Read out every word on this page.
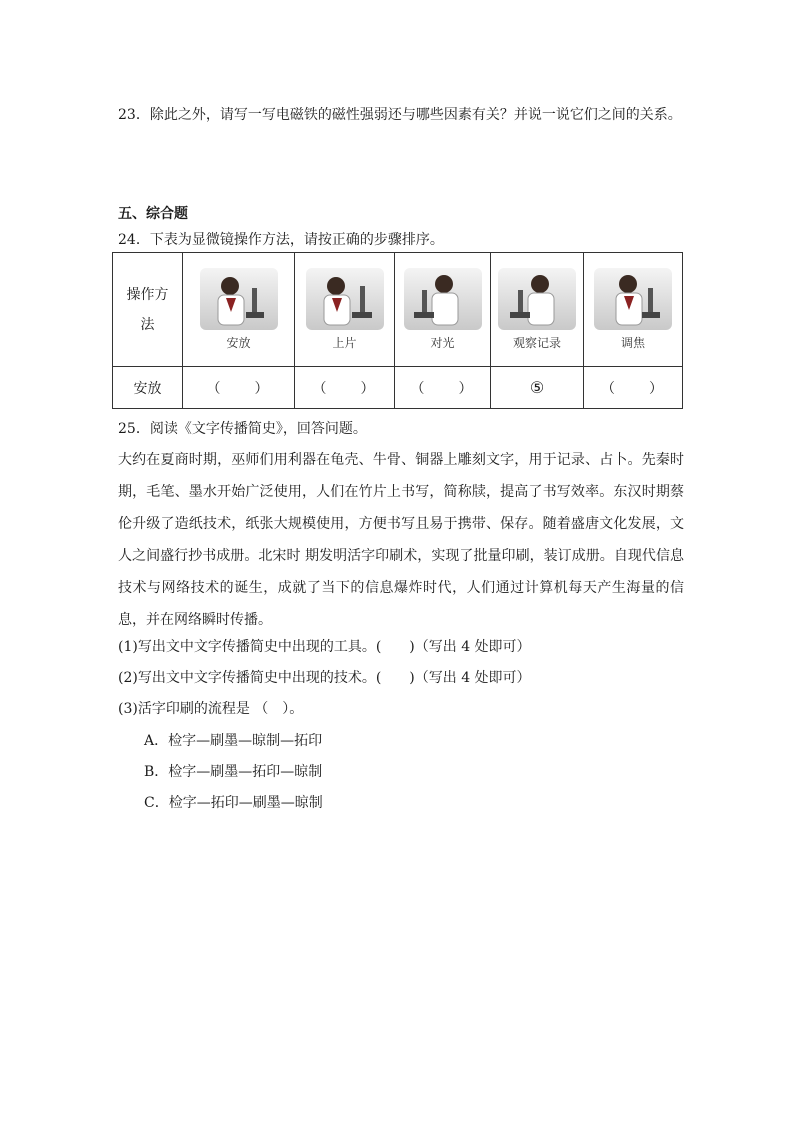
23．除此之外，请写一写电磁铁的磁性强弱还与哪些因素有关？并说一说它们之间的关系。
五、综合题
24．下表为显微镜操作方法，请按正确的步骤排序。
操作方
法	安放	上片	对光	观察记录	调焦

安放	（　　）	（　　）	（　　）	⑤	（　　）
25．阅读《文字传播简史》，回答问题。

大约在夏商时期，巫师们用利器在龟壳、牛骨、铜器上雕刻文字，用于记录、占卜。先秦时期，毛笔、墨水开始广泛使用，人们在竹片上书写，简称牍，提高了书写效率。东汉时期蔡伦升级了造纸技术，纸张大规模使用，方便书写且易于携带、保存。随着盛唐文化发展，文人之间盛行抄书成册。北宋时 期发明活字印刷术，实现了批量印刷，装订成册。自现代信息技术与网络技术的诞生，成就了当下的信息爆炸时代，人们通过计算机每天产生海量的信息，并在网络瞬时传播。

(1)写出文中文字传播简史中出现的工具。(　　)（写出 4 处即可）
(2)写出文中文字传播简史中出现的技术。(　　)（写出 4 处即可）
(3)活字印刷的流程是 （　）。
A．检字—刷墨—晾制—拓印
B．检字—刷墨—拓印—晾制
C．检字—拓印—刷墨—晾制
